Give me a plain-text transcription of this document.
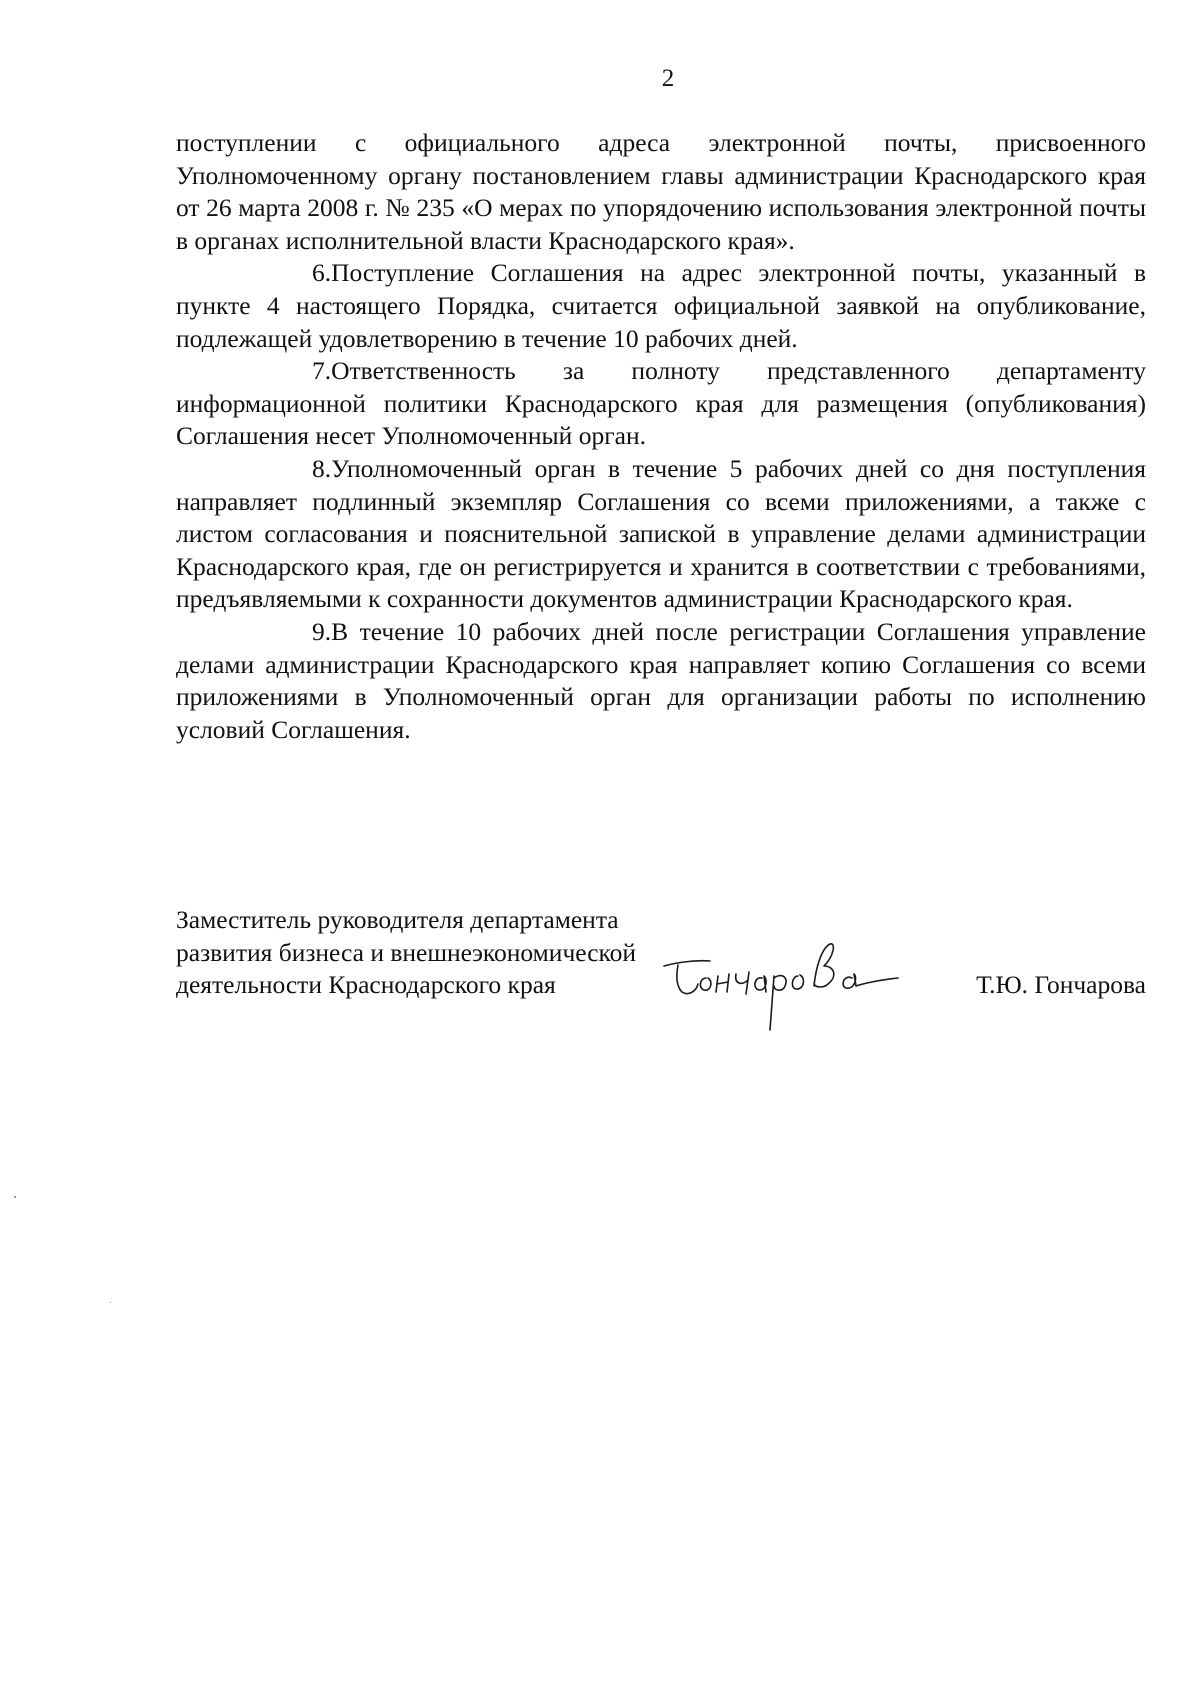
2

поступлении с официального адреса электронной почты, присвоенного Уполномоченному органу постановлением главы администрации Краснодарского края от 26 марта 2008 г. № 235 «О мерах по упорядочению использования электронной почты в органах исполнительной власти Краснодарского края».

6.Поступление Соглашения на адрес электронной почты, указанный в пункте 4 настоящего Порядка, считается официальной заявкой на опубликование, подлежащей удовлетворению в течение 10 рабочих дней.

7.Ответственность за полноту представленного департаменту информационной политики Краснодарского края для размещения (опубликования) Соглашения несет Уполномоченный орган.

8.Уполномоченный орган в течение 5 рабочих дней со дня поступления направляет подлинный экземпляр Соглашения со всеми приложениями, а также с листом согласования и пояснительной запиской в управление делами администрации Краснодарского края, где он регистрируется и хранится в соответствии с требованиями, предъявляемыми к сохранности документов администрации Краснодарского края.

9.В течение 10 рабочих дней после регистрации Соглашения управление делами администрации Краснодарского края направляет копию Соглашения со всеми приложениями в Уполномоченный орган для организации работы по исполнению условий Соглашения.

Заместитель руководителя департамента
развития бизнеса и внешнеэкономической
деятельности Краснодарского края	Т.Ю. Гончарова
